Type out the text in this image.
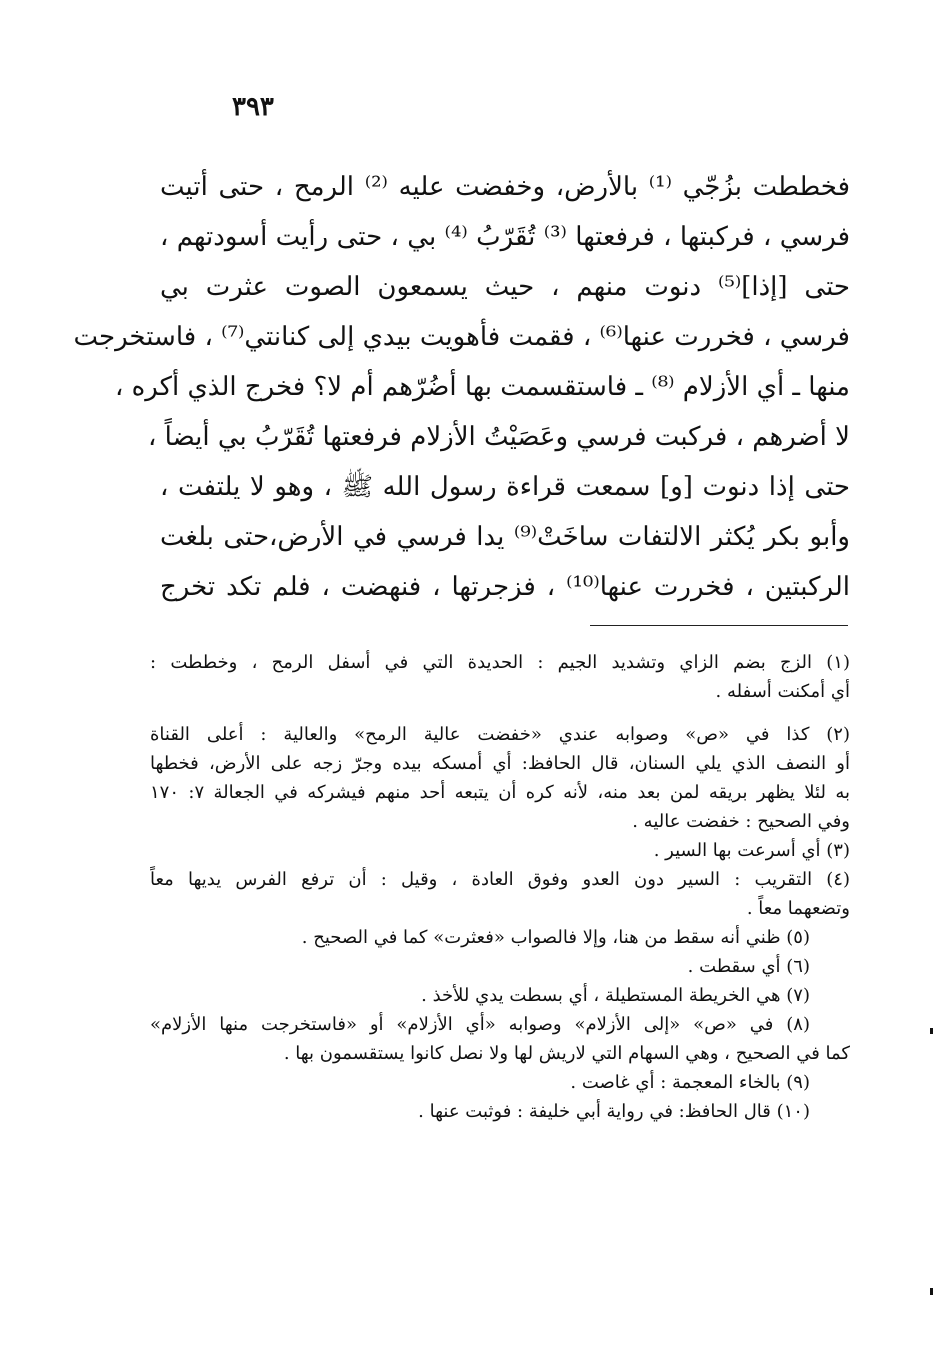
٣٩٣
فخططت بزُجّي ⁽¹⁾ بالأرض، وخفضت عليه ⁽²⁾ الرمح ، حتى أتيت
فرسي ، فركبتها ، فرفعتها ⁽³⁾ تُقَرّبُ ⁽⁴⁾ بي ، حتى رأيت أسودتهم ،
حتى [إذا]⁽⁵⁾ دنوت منهم ، حيث يسمعون الصوت عثرت بي
فرسي ، فخررت عنها⁽⁶⁾ ، فقمت فأهويت بيدي إلى كنانتي⁽⁷⁾ ، فاستخرجت
منها ـ أي الأزلام ⁽⁸⁾ ـ فاستقسمت بها أضُرّهم أم لا؟ فخرج الذي أكره ،
لا أضرهم ، فركبت فرسي وعَصَيْتُ الأزلام فرفعتها تُقَرّبُ بي أيضاً ،
حتى إذا دنوت [و] سمعت قراءة رسول الله ﷺ ، وهو لا يلتفت ،
وأبو بكر يُكثر الالتفات ساخَتْ⁽⁹⁾ يدا فرسي في الأرض،حتى بلغت
الركبتين ، فخررت عنها⁽¹⁰⁾ ، فزجرتها ، فنهضت ، فلم تكد تخرج
(١) الزج بضم الزاي وتشديد الجيم : الحديدة التي في أسفل الرمح ، وخططت :
أي أمكنت أسفله .
(٢) كذا في «ص» وصوابه عندي «خفضت عالية الرمح» والعالية : أعلى القناة
أو النصف الذي يلي السنان، قال الحافظ: أي أمسكه بيده وجرّ زجه على الأرض، فخطها
به لئلا يظهر بريقه لمن بعد منه، لأنه كره أن يتبعه أحد منهم فيشركه في الجعالة ٧: ١٧٠
وفي الصحيح : خفضت عاليه .
(٣) أي أسرعت بها السير .
(٤) التقريب : السير دون العدو وفوق العادة ، وقيل : أن ترفع الفرس يديها معاً
وتضعهما معاً .
(٥) ظني أنه سقط من هنا، وإلا فالصواب «فعثرت» كما في الصحيح .
(٦) أي سقطت .
(٧) هي الخريطة المستطيلة ، أي بسطت يدي للأخذ .
(٨) في «ص» «إلى الأزلام» وصوابه «أي الأزلام» أو «فاستخرجت منها الأزلام»
كما في الصحيح ، وهي السهام التي لاريش لها ولا نصل كانوا يستقسمون بها .
(٩) بالخاء المعجمة : أي غاصت .
(١٠) قال الحافظ: في رواية أبي خليفة : فوثبت عنها .
